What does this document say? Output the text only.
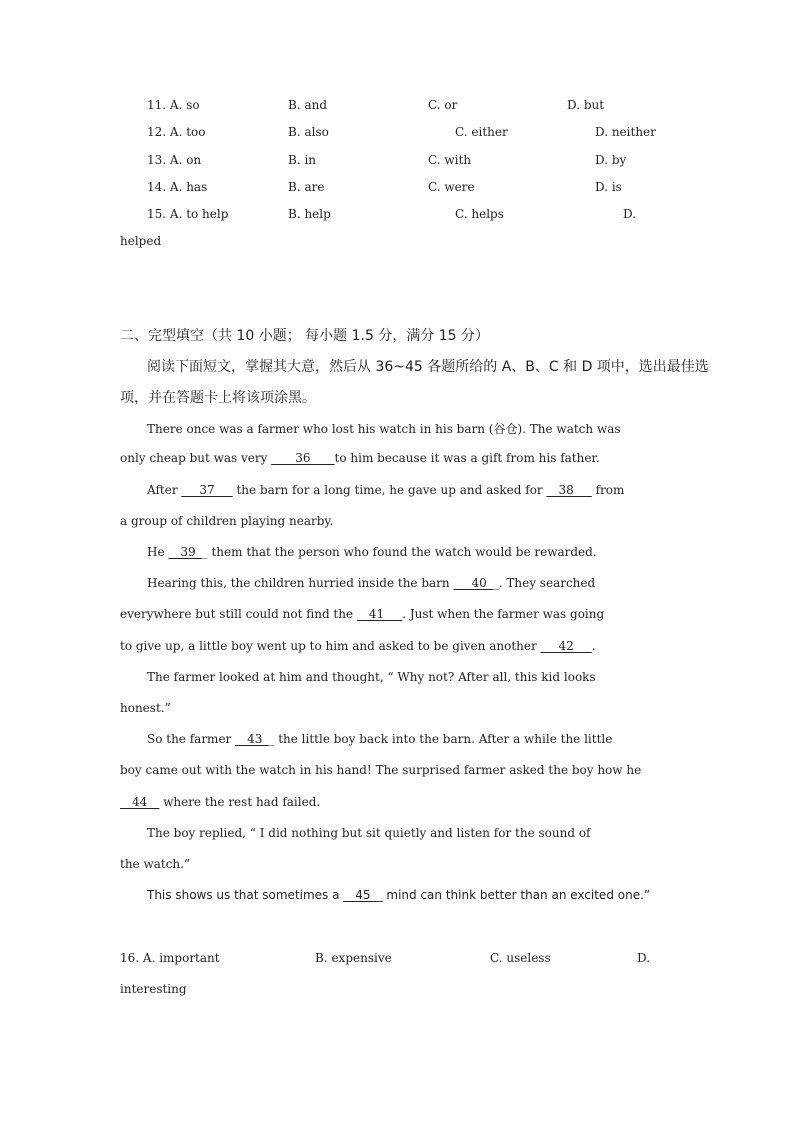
11. A. so	B. and	C. or	D. but
12. A. too	B. also	C. either	D. neither
13. A. on	B. in	C. with	D. by
14. A. has	B. are	C. were	D. is
15. A. to help	B. help	C. helps	D.
helped
二、完型填空（共 10 小题； 每小题 1.5 分，满分 15 分）
阅读下面短文，掌握其大意，然后从 36~45 各题所给的 A、B、C 和 D 项中，选出最佳选
项，并在答题卡上将该项涂黑。
There once was a farmer who lost his watch in his barn (谷仓). The watch was
only cheap but was very ____36____to him because it was a gift from his father.
After ___37___ the barn for a long time, he gave up and asked for __38___ from
a group of children playing nearby.
He __39__ them that the person who found the watch would be rewarded.
Hearing this, the children hurried inside the barn ___40__. They searched
everywhere but still could not find the __41___. Just when the farmer was going
to give up, a little boy went up to him and asked to be given another ___42___.
The farmer looked at him and thought, “ Why not? After all, this kid looks
honest.”
So the farmer __43__ the little boy back into the barn. After a while the little
boy came out with the watch in his hand! The surprised farmer asked the boy how he
__44__ where the rest had failed.
The boy replied, “ I did nothing but sit quietly and listen for the sound of
the watch.”
This shows us that sometimes a __45__ mind can think better than an excited one.”
16. A. important	B. expensive	C. useless	D.
interesting
